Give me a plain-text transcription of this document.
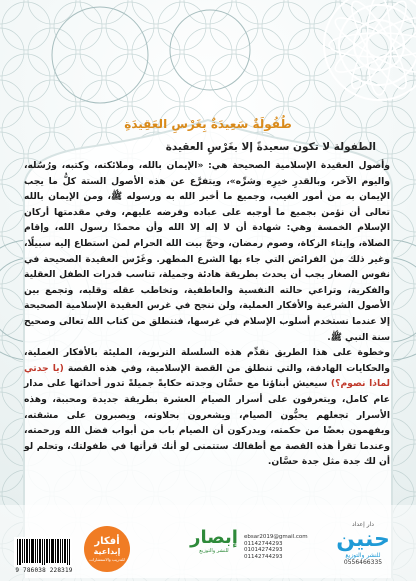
طُفُولَةٌ سَعِيدَةٌ بِغَرْسِ العَقِيدَةِ
الطفولة لا تكون سعيدةً إلا بغَرْسِ العقيدة

وأصول العقيدة الإسلامية الصحيحة هي: «الإيمان بالله، وملائكته، وكتبه، ورُسُله، واليوم الآخر، وبالقدرِ خيرِه وشرِّه»، ويتفرَّع عن هذه الأصول الستة كلُّ ما يجب الإيمان به من أمور الغيب، وجميع ما أخبر الله به ورسوله ﷺ، ومن الإيمان بالله تعالى أن نؤمن بجميع ما أوجبه على عباده وفرضه عليهم، وفي مقدمتها أركان الإسلام الخمسة وهي: شهادة أن لا إله إلا الله وأن محمدًا رسول الله، وإقام الصلاة، وإيتاء الزكاة، وصوم رمضان، وحجّ بيت الله الحرام لمن استطاع إليه سبيلًا، وغير ذلك من الفرائض التي جاء بها الشرع المطهر. وغَرْس العقيدة الصحيحة في نفوس الصغار يجب أن يحدث بطريقة هادئة وجميلة، تناسب قدرات الطفل العقلية والفكرية، وتراعي حالته النفسية والعاطفية، وتخاطب عقله وقلبه، وتجمع بين الأصول الشرعية والأفكار العملية، ولن ننجح في غرس العقيدة الإسلامية الصحيحة إلا عندما نستخدم أسلوب الإسلام في غرسها، فننطلق من كتاب الله تعالى وصحيح سنة النبي ﷺ.

وخطوة على هذا الطريق نقدِّم هذه السلسلة التربوية، المليئة بالأفكار العملية، والحكايات الهادفة، والتي تنطلق من القصة الإسلامية، وفي هذه القصة (يا جدتي لماذا نصوم؟) سيعيش أبناؤنا مع حسَّان وجدته حكايةً جميلةً تدور أحداثها على مدار عام كامل، ويتعرفون على أسرار الصيام العشرة بطريقة جديدة ومحببة، وهذه الأسرار تجعلهم يحبُّون الصيام، ويشعرون بحلاوته، ويصبرون على مشقته، ويفهمون بعضًا من حكمته، ويدركون أن الصيام باب من أبواب فضل الله ورحمته، وعندما تقرأ هذه القصة مع أطفالك ستتمنى لو أنك قرأتها في طفولتك، وتحلم لو أن لك جدة مثل جدة حسَّان.

9 786038 228319
أفكار
إبداعية
للتدريب والاستشارات
إبصار
للنشر والتوزيع
ebsar2019@gmail.com
01142744293
01014274293
01142744293
دار إعداد
حنين
للنشر والتوزيع
0556466335
